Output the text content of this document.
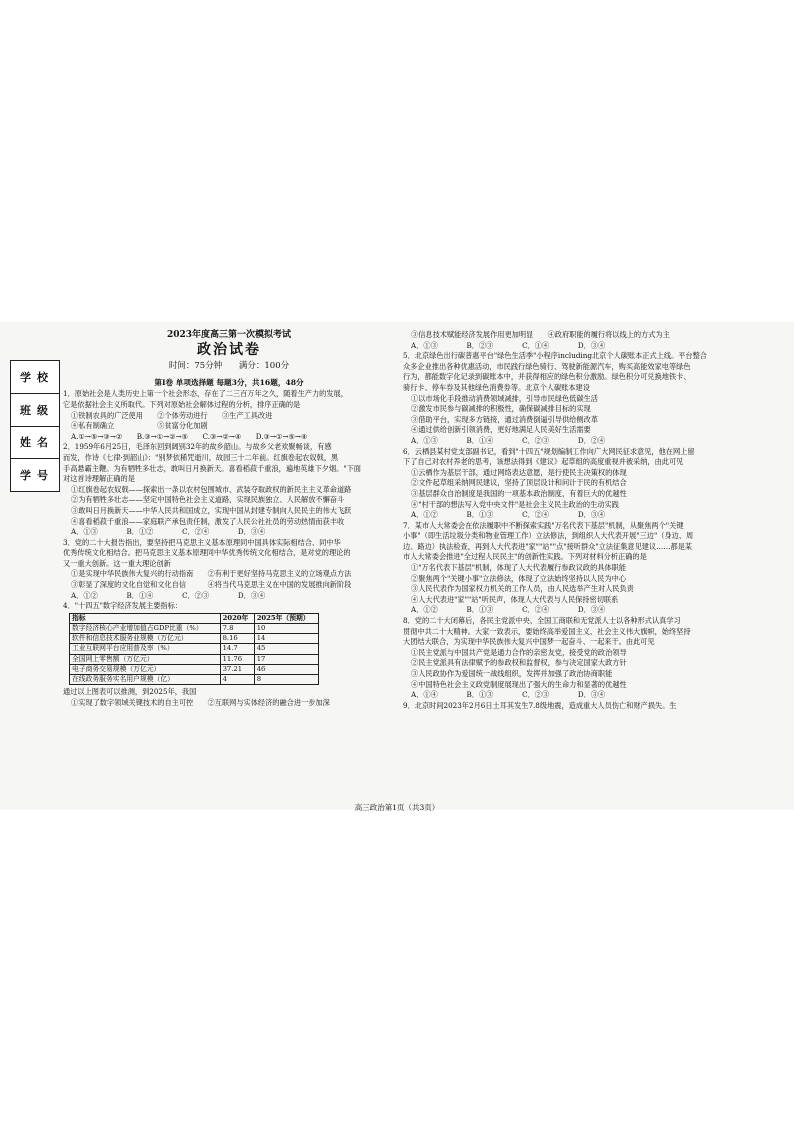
学校
班级
姓名
学号
2023年度高三第一次模拟考试
政治试卷
时间：75分钟 满分：100分
第Ⅰ卷 单项选择题 每题3分，共16题，48分

1．原始社会是人类历史上第一个社会形态，存在了二三百万年之久，随着生产力的发展，

它是依据社会主义所取代。下列对原始社会解体过程的分析，排序正确的是

①铁制农具的广泛使用　　②个体劳动进行　　③生产工具改进

④私有制确立　　　　　　⑤贫富分化加剧

A.①→⑤→③→②　　B.③→①→②→⑤　　C.③→②→④　　D.③→①→⑤→④

2．1959年6月25日，毛泽东回到阔别32年的故乡韶山。与故乡父老欢聚畅谈，有感

而发，作诗《七律·到韶山》："别梦依稀咒逝川，故园三十二年前。红旗卷起农奴戟，黑

手高悬霸主鞭。为有牺牲多壮志，敢叫日月换新天。喜看稻菽千重浪，遍地英雄下夕烟。"下面

对这首诗理解正确的是

①红旗卷起农奴戟——探索出一条以农村包围城市、武装夺取政权的新民主主义革命道路

②为有牺牲多壮志——坚定中国特色社会主义道路，实现民族独立、人民解放不懈奋斗

③敢叫日月换新天——中华人民共和国成立，实现中国从封建专制向人民民主的伟大飞跃

④喜看稻菽千重浪——家庭联产承包责任制，激发了人民公社社员的劳动热情而获丰收

A．①③　　　　B．①②　　　　C．②④　　　　D．③④

3．党的二十大报告指出，要坚持把马克思主义基本原理同中国具体实际相结合、同中华

优秀传统文化相结合。把马克思主义基本原理同中华优秀传统文化相结合，是对党的理论的

又一重大创新。这一重大理论创新

①是实现中华民族伟大复兴的行动指南　　②有利于更好坚持马克思主义的立场观点方法

③彰显了深度的文化自觉和文化自信　　　④将当代马克思主义在中国的发展推向新阶段

A．①②　　　　B．①④　　　　C．②③　　　　D．③④

4．"十四五"数字经济发展主要指标：

指标	2020年	2025年（预期）
数字经济核心产业增加值占GDP比重（%）	7.8	10
软件和信息技术服务业规模（万亿元）	8.16	14
工业互联网平台应用普及率（%）	14.7	45
全国网上零售额（万亿元）	11.76	17
电子商务交易规模（万亿元）	37.21	46
在线政务服务实名用户规模（亿）	4	8

通过以上图表可以推测，到2025年，我国

①实现了数字领域关键技术的自主可控　　②互联网与实体经济的融合进一步加深

③信息技术赋能经济发展作用更加明显　　④政府职能的履行将以线上的方式为主

A．①③　　　　B．②③　　　　C．①④　　　　D．③④

5．北京绿色出行碳普惠平台"绿色生活季"小程序including北京个人碳账本正式上线。平台整合

众多企业推出各种优惠活动，市民践行绿色骑行、驾驶新能源汽车，购买高能效家电等绿色

行为，都能数字化记录到碳账本中，并获得相应的绿色积分激励。绿色积分可兑换地铁卡、

骑行卡、停车券及其他绿色消费券等。北京个人碳账本建设

①以市场化手段推动消费领域减排，引导市民绿色低碳生活

②激发市民参与碳减排的积极性，确保碳减排目标的实现

③借助平台，实现多方链接，通过消费倒逼引导供给侧改革

④通过供给创新引领消费，更好地满足人民美好生活需要

A．①③　　　　B．①④　　　　C．②③　　　　D．②④

6．云栖县某村党支部副书记，看到"十四五"规划编制工作向广大网民征求意见，他在网上留

下了自己对农村养老的思考，该想法得到《建议》起草组的高度重视并被采纳，由此可见

①云栖作为基层干部，通过网络表达意愿，是行使民主决策权的体现

②文件起草组采纳网民建议，坚持了顶层设计和问计于民的有机结合

③基层群众自治制度是我国的一项基本政治制度，有着巨大的优越性

④"村干部的想法写入党中央文件"是社会主义民主政治的生动实践

A．①②　　　　B．①③　　　　C．②④　　　　D．③④

7．某市人大常委会在依法履职中不断探索实践"万名代表下基层"机制，从聚焦两个"关键

小事"（即生活垃圾分类和物业管理工作）立法修法，到组织人大代表开展"三边"（身边、周

边、路边）执法检查，再到人大代表进"家""站""点"接听群众"立法征集意见建议……都是某

市人大常委会推进"全过程人民民主"的创新性实践。下列对材料分析正确的是

①"万名代表下基层"机制，体现了人大代表履行参政议政的具体职能

②聚焦两个"关键小事"立法修法，体现了立法始终坚持以人民为中心

③人民代表作为国家权力机关的工作人员，由人民选举产生对人民负责

④人大代表进"家""站"听民声，体现人大代表与人民保持密切联系

A．①②　　　　B．①③　　　　C．②④　　　　D．③④

8．党的二十大闭幕后，各民主党派中央、全国工商联和无党派人士以各种形式认真学习

贯彻中共二十大精神。大家一致表示，要始终高举爱国主义、社会主义伟大旗帜，始终坚持

大团结大联合，为实现中华民族伟大复兴中国梦一起奋斗、一起来干。由此可见

①民主党派与中国共产党是通力合作的亲密友党，接受党的政治领导

②民主党派具有法律赋予的参政权和监督权，参与决定国家大政方针

③人民政协作为爱国统一战线组织，发挥并加强了政治协商职能

④中国特色社会主义政党制度展现出了强大的生命力和显著的优越性

A．①④　　　　B．①③　　　　C．②③　　　　D．③④

9．北京时间2023年2月6日土耳其发生7.8级地震，造成重大人员伤亡和财产损失。生

高三政治第1页（共3页）
